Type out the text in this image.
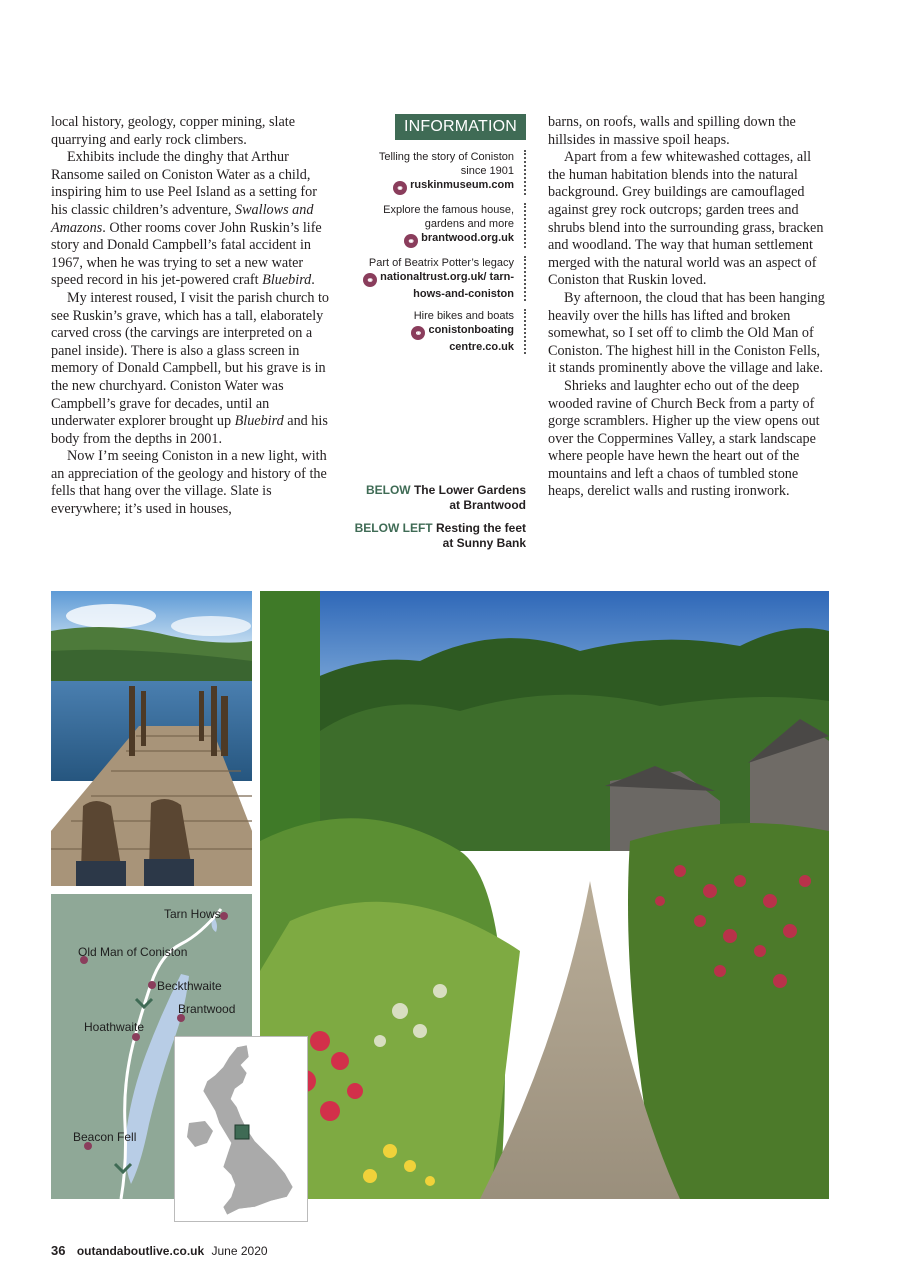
local history, geology, copper mining, slate quarrying and early rock climbers.

Exhibits include the dinghy that Arthur Ransome sailed on Coniston Water as a child, inspiring him to use Peel Island as a setting for his classic children’s adventure, Swallows and Amazons. Other rooms cover John Ruskin’s life story and Donald Campbell’s fatal accident in 1967, when he was trying to set a new water speed record in his jet-powered craft Bluebird.

My interest roused, I visit the parish church to see Ruskin’s grave, which has a tall, elaborately carved cross (the carvings are interpreted on a panel inside). There is also a glass screen in memory of Donald Campbell, but his grave is in the new churchyard. Coniston Water was Campbell’s grave for decades, until an underwater explorer brought up Bluebird and his body from the depths in 2001.

Now I’m seeing Coniston in a new light, with an appreciation of the geology and history of the fells that hang over the village. Slate is everywhere; it’s used in houses,

INFORMATION
Telling the story of Coniston since 1901
⚭ ruskinmuseum.com
Explore the famous house, gardens and more
⚭ brantwood.org.uk
Part of Beatrix Potter’s legacy
⚭ nationaltrust.org.uk/ tarn-hows-and-coniston
Hire bikes and boats
⚭ conistonboating centre.co.uk
BELOW The Lower Gardens at Brantwood
BELOW LEFT Resting the feet at Sunny Bank

barns, on roofs, walls and spilling down the hillsides in massive spoil heaps.

Apart from a few whitewashed cottages, all the human habitation blends into the natural background. Grey buildings are camouflaged against grey rock outcrops; garden trees and shrubs blend into the surrounding grass, bracken and woodland. The way that human settlement merged with the natural world was an aspect of Coniston that Ruskin loved.

By afternoon, the cloud that has been hanging heavily over the hills has lifted and broken somewhat, so I set off to climb the Old Man of Coniston. The highest hill in the Coniston Fells, it stands prominently above the village and lake.

Shrieks and laughter echo out of the deep wooded ravine of Church Beck from a party of gorge scramblers. Higher up the view opens out over the Coppermines Valley, a stark landscape where people have hewn the heart out of the mountains and left a chaos of tumbled stone heaps, derelict walls and rusting ironwork.

Tarn Hows
Old Man of Coniston
Beckthwaite
Brantwood
Hoathwaite
Beacon Fell
36 outandaboutlive.co.uk June 2020
